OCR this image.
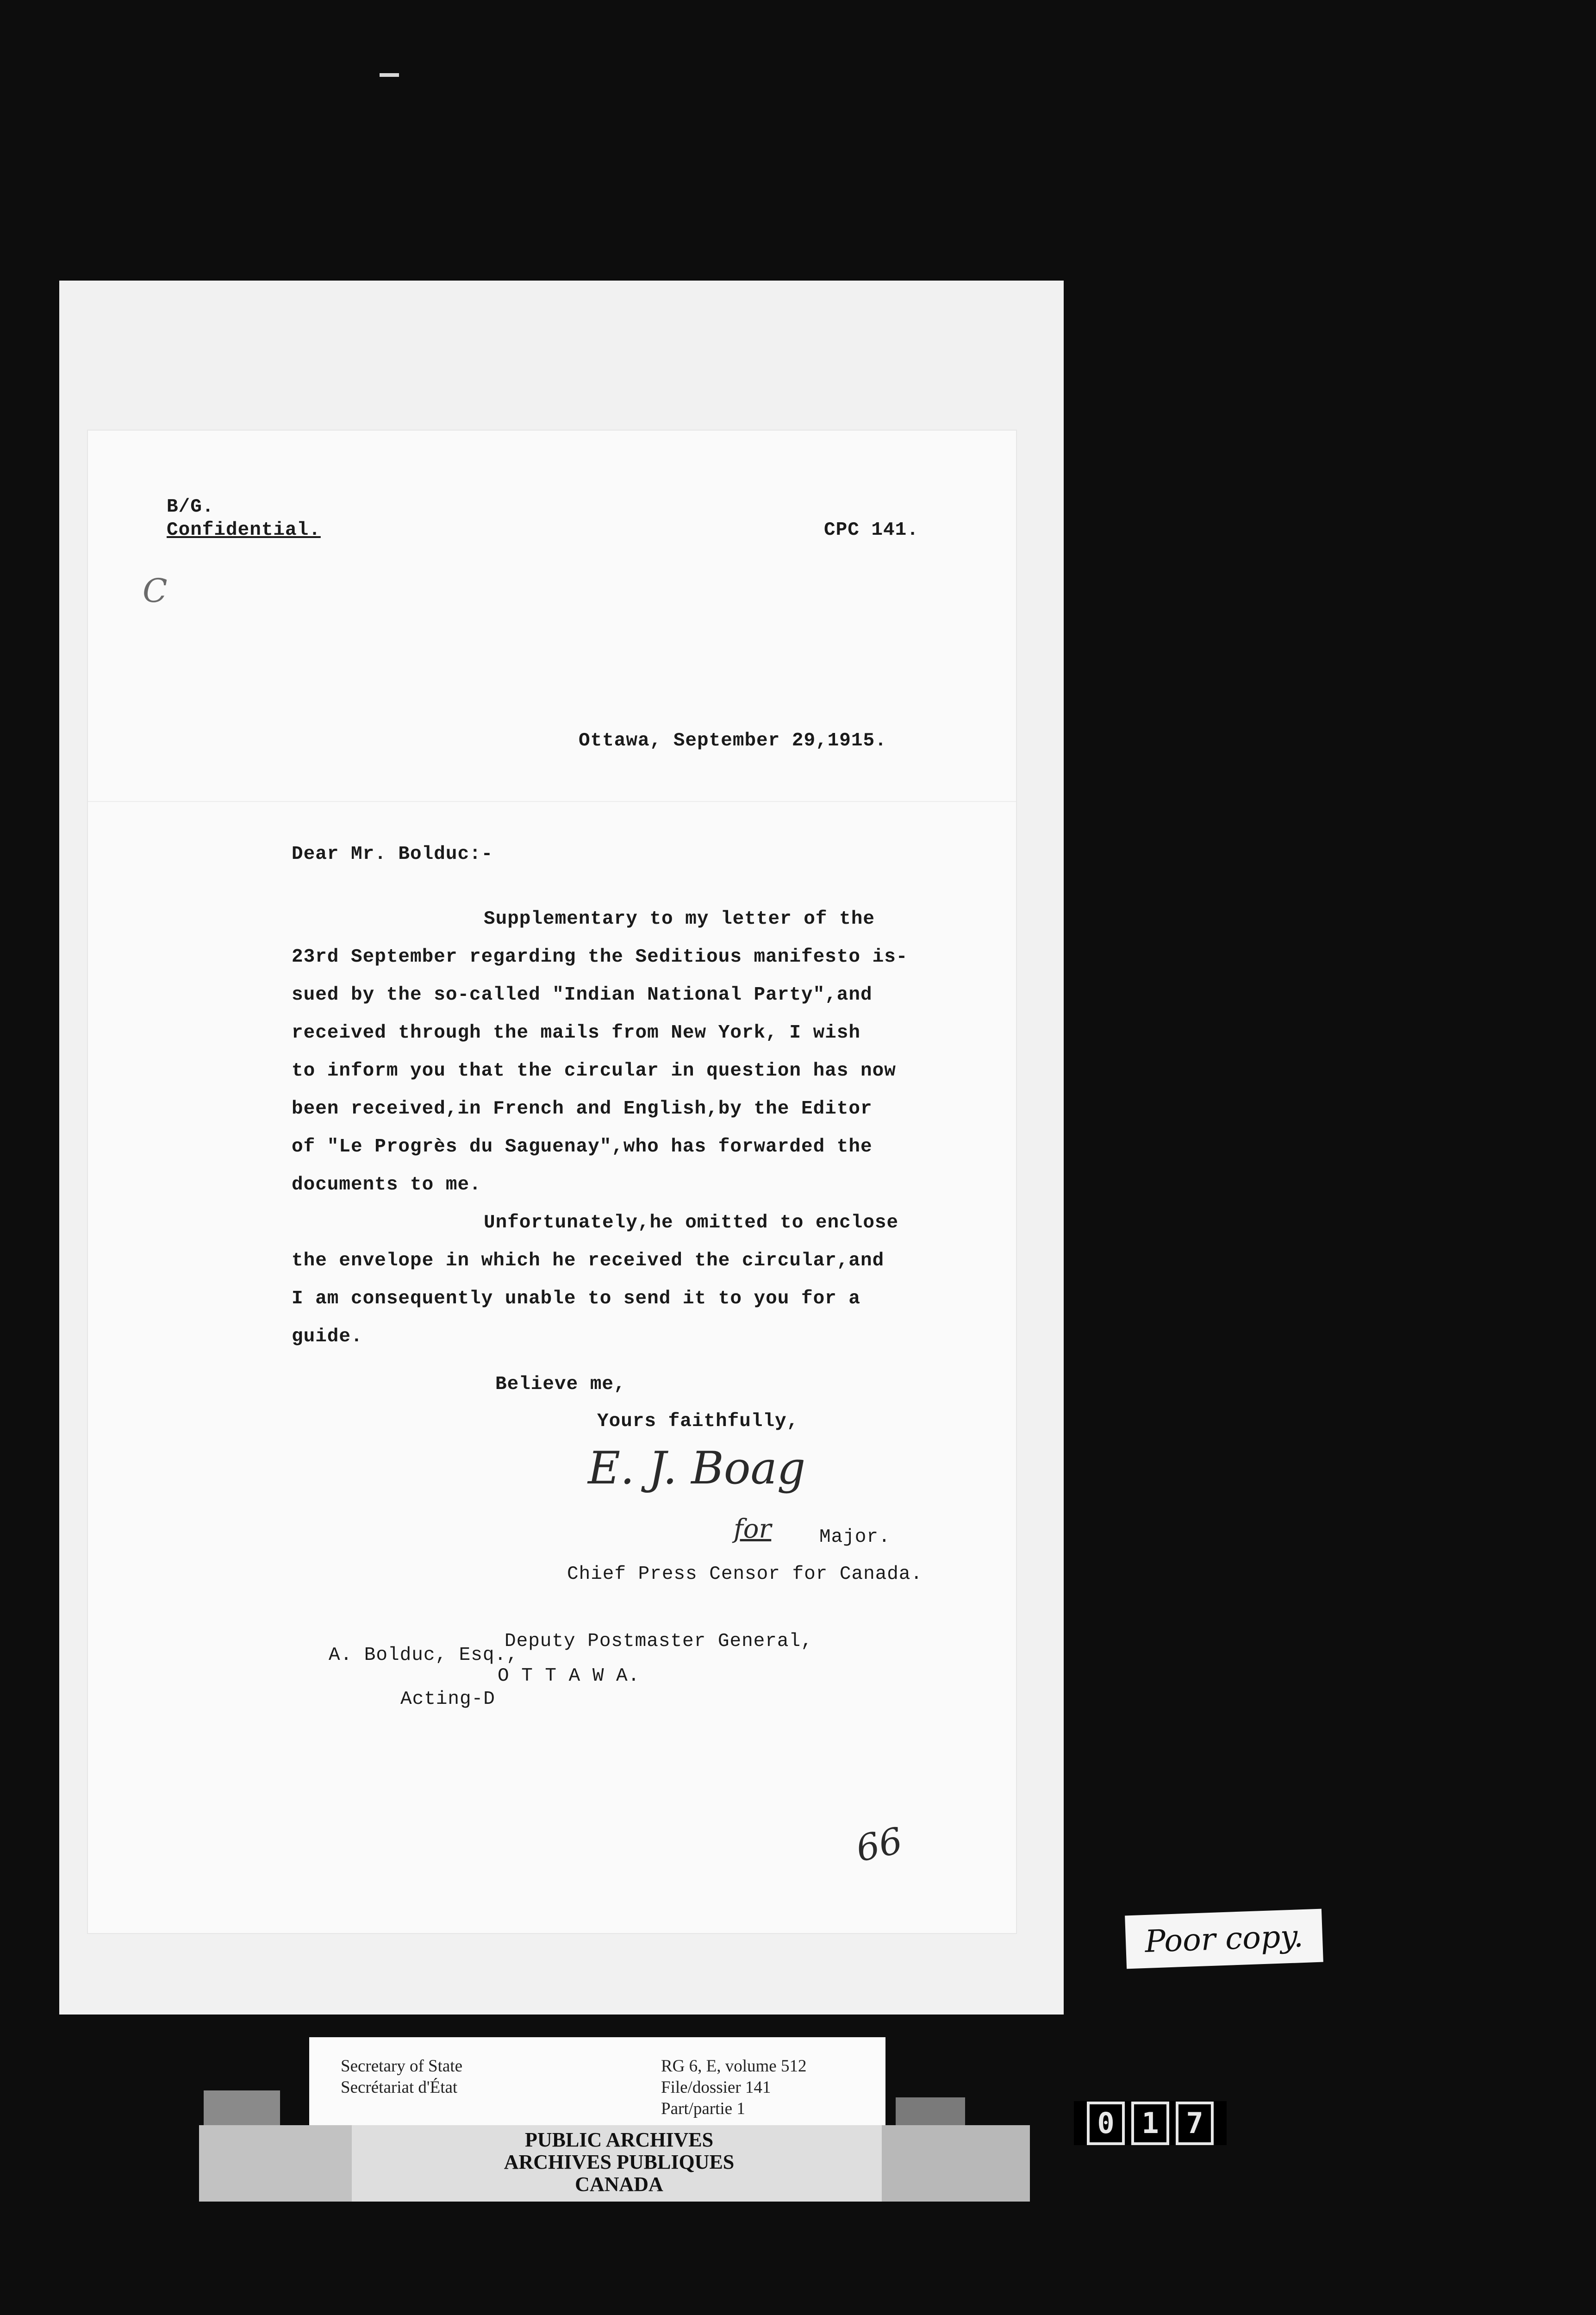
B/G.
Confidential.	CPC 141.
C
Ottawa, September 29,1915.
Dear Mr. Bolduc:-
Supplementary to my letter of the
23rd September regarding the Seditious manifesto is-
sued by the so-called "Indian National Party",and
received through the mails from New York, I wish
to inform you that the circular in question has now
been received,in French and English,by the Editor
of "Le Progrès du Saguenay",who has forwarded the
documents to me.
Unfortunately,he omitted to enclose
the envelope in which he received the circular,and
I am consequently unable to send it to you for a
guide.
Believe me,
Yours faithfully,
E. J. Boag
for	Major.
Chief Press Censor for Canada.
A. Bolduc, Esq.,
Deputy Postmaster General,
O T T A W A.
Acting-D
66
Poor copy.
Secretary of State
Secrétariat d'État
RG 6, E, volume 512
File/dossier 141
Part/partie 1
PUBLIC ARCHIVES
ARCHIVES PUBLIQUES
CANADA
0 1 7
